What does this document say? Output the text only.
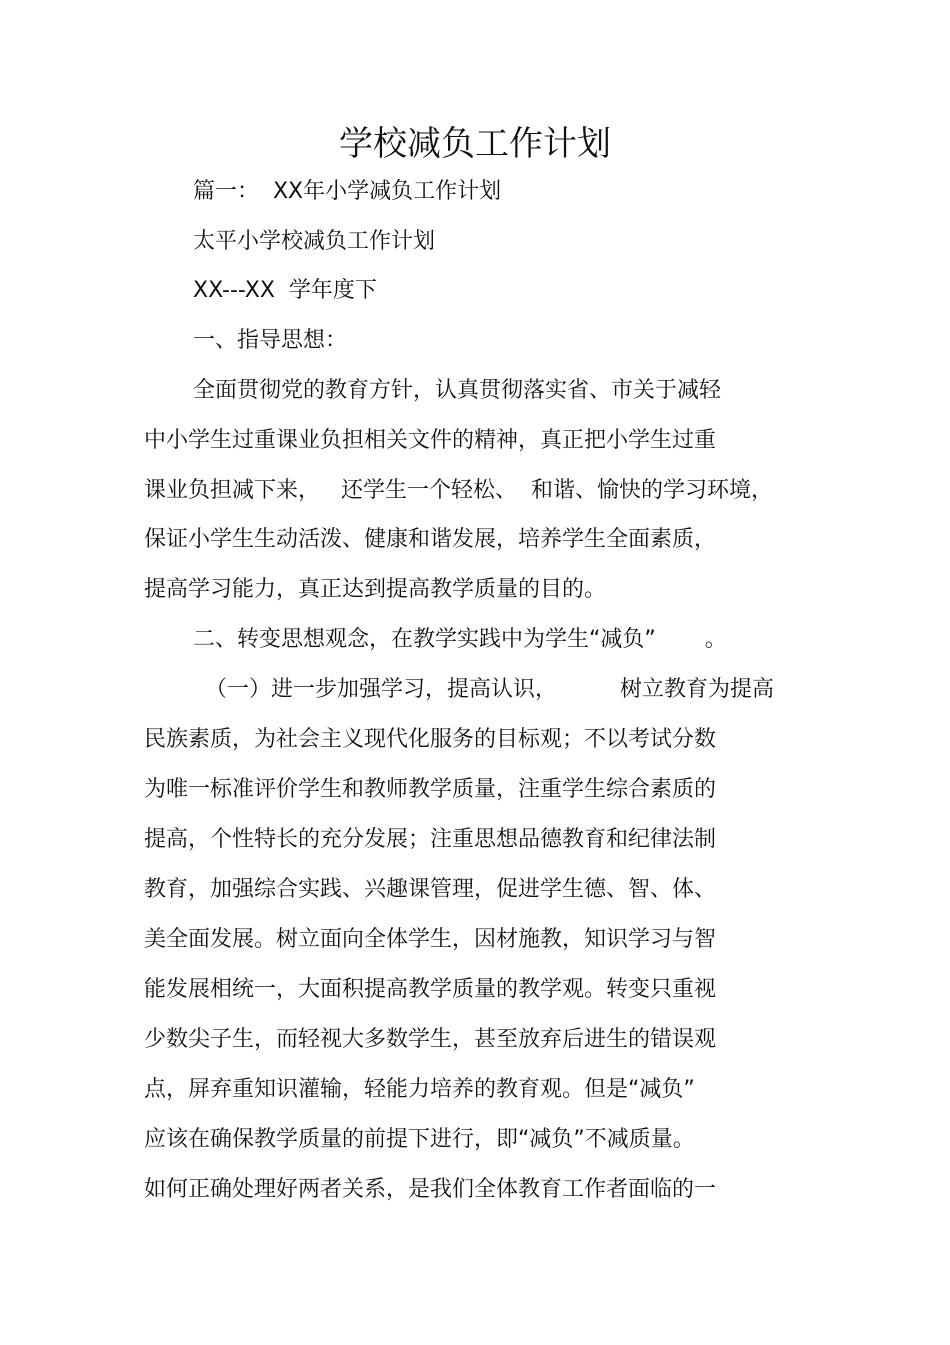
学校减负工作计划
篇一：  XX年小学减负工作计划
太平小学校减负工作计划
XX---XX  学年度下
一、指导思想：
全面贯彻党的教育方针，认真贯彻落实省、市关于减轻
中小学生过重课业负担相关文件的精神，真正把小学生过重
课业负担减下来，   还学生一个轻松、  和谐、愉快的学习环境，
保证小学生生动活泼、健康和谐发展，培养学生全面素质，
提高学习能力，真正达到提高教学质量的目的。
二、转变思想观念，在教学实践中为学生“减负”       。
（一）进一步加强学习，提高认识，         树立教育为提高
民族素质，为社会主义现代化服务的目标观；不以考试分数
为唯一标准评价学生和教师教学质量，注重学生综合素质的
提高，个性特长的充分发展；注重思想品德教育和纪律法制
教育，加强综合实践、兴趣课管理，促进学生德、智、体、
美全面发展。树立面向全体学生，因材施教，知识学习与智
能发展相统一，大面积提高教学质量的教学观。转变只重视
少数尖子生，而轻视大多数学生，甚至放弃后进生的错误观
点，屏弃重知识灌输，轻能力培养的教育观。但是“减负”
应该在确保教学质量的前提下进行，即“减负”不减质量。
如何正确处理好两者关系，是我们全体教育工作者面临的一
